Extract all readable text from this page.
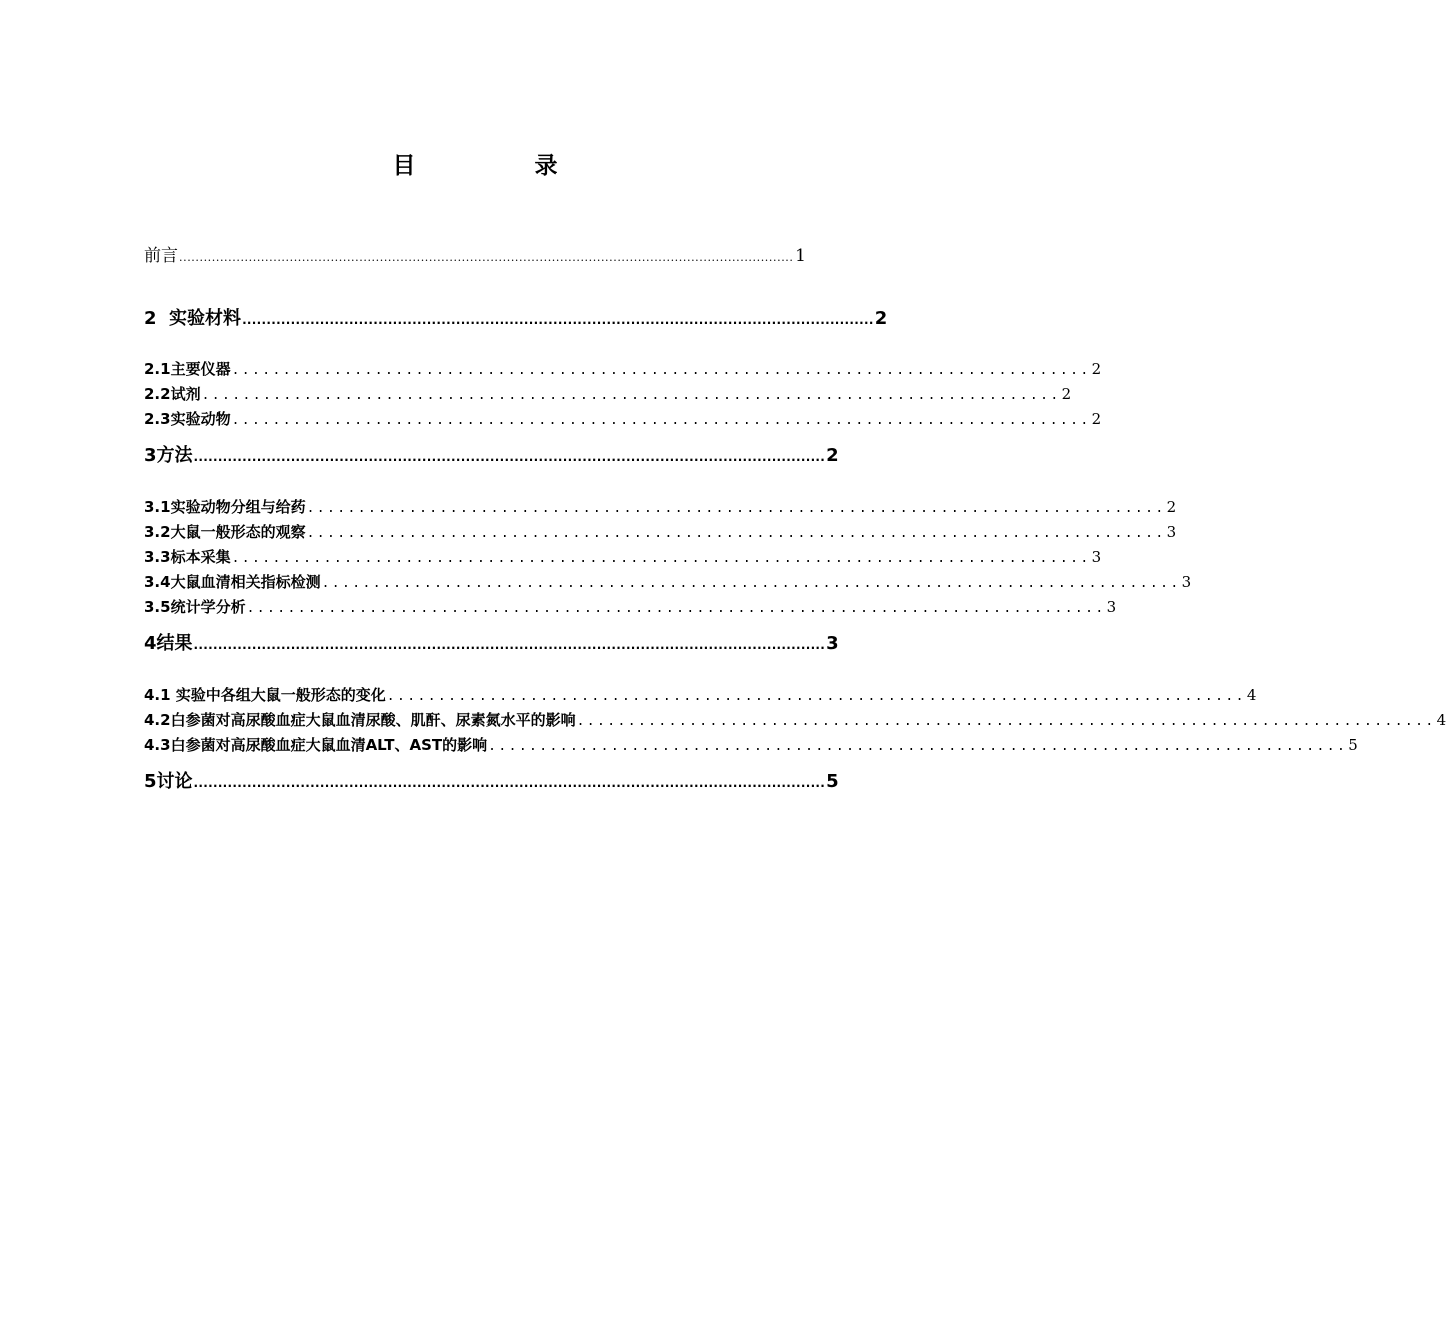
目　录
前言 ...................................................................................................................................................... 1
2  实验材料 .................................................................................................................................. 2
2.1主要仪器 .................................................................................... 2
2.2试剂 .................................................................................... 2
2.3实验动物 .................................................................................... 2
3方法 .................................................................................................................................. 2
3.1实验动物分组与给药 .................................................................................... 2
3.2大鼠一般形态的观察 .................................................................................... 3
3.3标本采集 .................................................................................... 3
3.4大鼠血清相关指标检测 .................................................................................... 3
3.5统计学分析 .................................................................................... 3
4结果 .................................................................................................................................. 3
4.1 实验中各组大鼠一般形态的变化 .................................................................................... 4
4.2白参菌对高尿酸血症大鼠血清尿酸、肌酐、尿素氮水平的影响 .................................................................................... 4
4.3白参菌对高尿酸血症大鼠血清ALT、AST的影响 .................................................................................... 5
5讨论 .................................................................................................................................. 5
